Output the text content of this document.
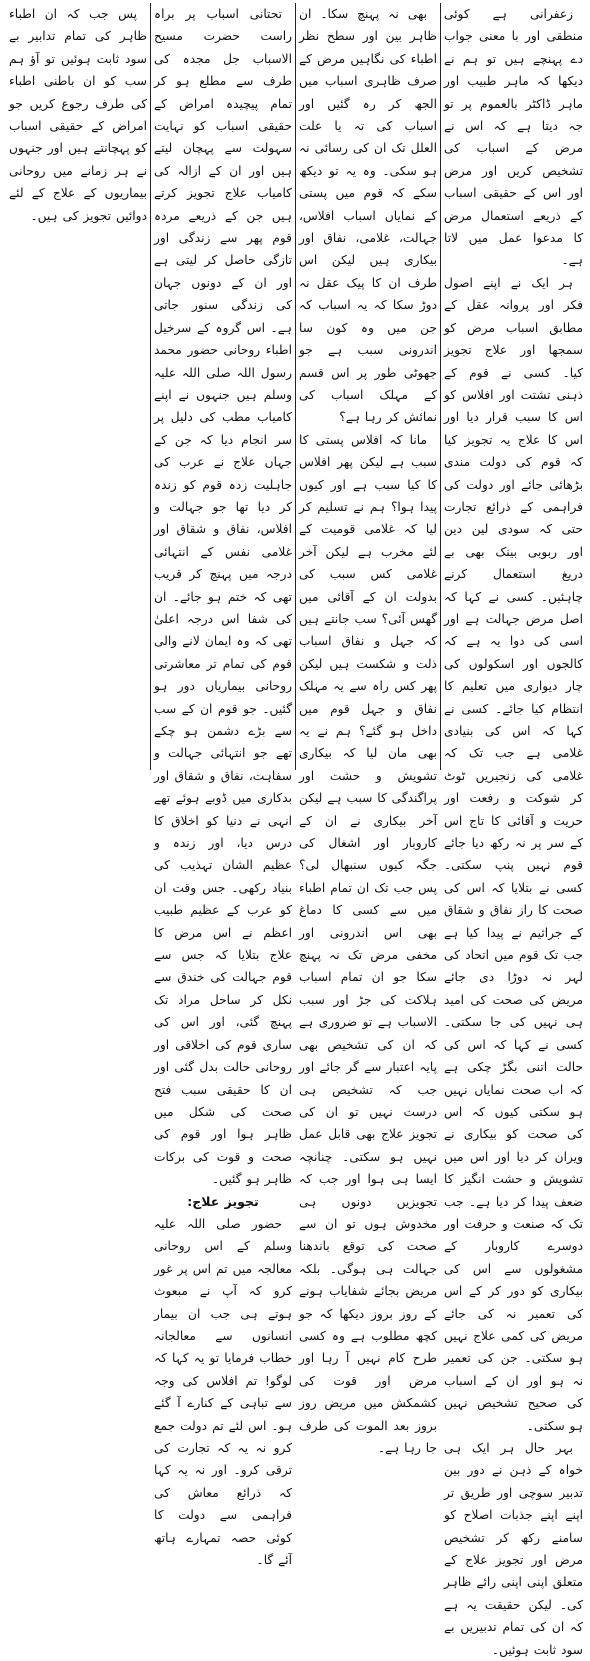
زعفرانی ہے کوئی منطقی اور با معنی جواب دے پہنچے ہیں تو ہم نے دیکھا کہ ماہر طبیب اور ماہر ڈاکٹر بالعموم پر تو جہ دیتا ہے کہ اس نے مرض کے اسباب کی تشخیص کریں اور مرض اور اس کے حقیقی اسباب کے ذریعے استعمال مرض کا مدعوا عمل میں لاتا ہے۔

ہر ایک نے اپنے اصول فکر اور پروانہ عقل کے مطابق اسباب مرض کو سمجھا اور علاج تجویز کیا۔ کسی نے قوم کے ذہنی تشتت اور افلاس کو اس کا سبب قرار دیا اور اس کا علاج یہ تجویز کیا کہ قوم کی دولت مندی بڑھائی جائے اور دولت کی فراہمی کے ذرائع تجارت حتی کہ سودی لین دین اور ربوبی بینک بھی بے دریغ استعمال کرنے چاہئیں۔ کسی نے کہا کہ اصل مرض جہالت ہے اور اسی کی دوا یہ ہے کہ کالجوں اور اسکولوں کی چار دیواری میں تعلیم کا انتظام کیا جائے۔ کسی نے کہا کہ اس کی بنیادی غلامی ہے جب تک کہ غلامی کی زنجیریں ٹوٹ کر شوکت و رفعت اور حریت و آقائی کا تاج اس کے سر پر نہ رکھ دیا جائے قوم نہیں پنپ سکتی۔ کسی نے بتلایا کہ اس کی صحت کا راز نفاق و شقاق کے جراثیم نے پیدا کیا ہے جب تک قوم میں اتحاد کی لہر نہ دوڑا دی جائے مریض کی صحت کی امید ہی نہیں کی جا سکتی۔ کسی نے کہا کہ اس کی حالت اتنی بگڑ چکی ہے کہ اب صحت نمایاں نہیں ہو سکتی کیوں کہ اس کی صحت کو بیکاری نے ویران کر دیا اور اس میں تشویش و حشت انگیز کا ضعف پیدا کر دیا ہے۔ جب تک کہ صنعت و حرفت اور دوسرے کاروبار کے مشغولوں سے اس کی بیکاری کو دور کر کے اس کی تعمیر نہ کی جائے مریض کی کمی علاج نہیں ہو سکتی۔ جن کی تعمیر نہ ہو اور ان کے اسباب کی صحیح تشخیص نہیں ہو سکتی۔

بہر حال ہر ایک ہی خواہ کے ذہن نے دور بین تدبیر سوچی اور طریق تر اپنے اپنے جذبات اصلاح کو سامنے رکھ کر تشخیص مرض اور تجویز علاج کے متعلق اپنی اپنی رائے ظاہر کی۔ لیکن حقیقت یہ ہے کہ ان کی تمام تدبیریں بے سود ثابت ہوئیں۔

بھی نہ پہنچ سکا۔ ان ظاہر بین اور سطح نظر اطباء کی نگاہیں مرض کے صرف ظاہری اسباب میں الجھ کر رہ گئیں اور اسباب کی تہ یا علت العلل تک ان کی رسائی نہ ہو سکی۔ وہ یہ تو دیکھ سکے کہ قوم میں پستی کے نمایاں اسباب افلاس، جہالت، غلامی، نفاق اور بیکاری ہیں لیکن اس طرف ان کا پیک عقل نہ دوڑ سکا کہ یہ اسباب کہ جن میں وہ کون سا اندرونی سبب ہے جو جھوٹی طور پر اس قسم کے مہلک اسباب کی نمائش کر رہا ہے؟

مانا کہ افلاس پستی کا سبب ہے لیکن پھر افلاس کا کیا سبب ہے اور کیوں پیدا ہوا؟ ہم نے تسلیم کر لیا کہ غلامی قومیت کے لئے مخرب ہے لیکن آخر غلامی کس سبب کی بدولت ان کے آقائی میں گھس آئی؟ سب جانتے ہیں کہ جہل و نفاق اسباب ذلت و شکست ہیں لیکن پھر کس راہ سے یہ مہلک نفاق و جہل قوم میں داخل ہو گئے؟ ہم نے یہ بھی مان لیا کہ بیکاری تشویش و حشت اور پراگندگی کا سبب ہے لیکن آخر بیکاری نے ان کے کاروبار اور اشغال کی جگہ کیوں سنبھال لی؟ پس جب تک ان تمام اطباء میں سے کسی کا دماغ بھی اس اندرونی اور مخفی مرض تک نہ پہنچ سکا جو ان تمام اسباب ہلاکت کی جڑ اور سبب الاسباب ہے تو ضروری ہے کہ ان کی تشخیص بھی پایہ اعتبار سے گر جائے اور جب کہ تشخیص ہی درست نہیں تو ان کی تجویز علاج بھی قابل عمل نہیں ہو سکتی۔ چنانچہ ایسا ہی ہوا اور جب کہ تجویزیں دونوں ہی مخدوش ہوں تو ان سے صحت کی توقع باندھنا جہالت ہی ہوگی۔ بلکہ مریض بجائے شفایاب ہونے کے روز بروز دیکھا کہ جو کچھ مطلوب ہے وہ کسی طرح کام نہیں آ رہا اور مرض اور قوت کی کشمکش میں مریض روز بروز بعد الموت کی طرف جا رہا ہے۔

تحتانی اسباب پر براہ راست حضرت مسیح الاسباب جل مجدہ کی طرف سے مطلع ہو کر تمام پیچیدہ امراض کے حقیقی اسباب کو نہایت سہولت سے پہچان لیتے ہیں اور ان کے ازالہ کی کامیاب علاج تجویز کرتے ہیں جن کے ذریعے مردہ قوم پھر سے زندگی اور تازگی حاصل کر لیتی ہے اور ان کے دونوں جہان کی زندگی سنور جاتی ہے۔ اس گروہ کے سرخیل اطباء روحانی حضور محمد رسول اللہ صلی اللہ علیہ وسلم ہیں جنہوں نے اپنے کامیاب مطب کی دلیل پر سر انجام دیا کہ جن کے جہاں علاج نے عرب کی جاہلیت زدہ قوم کو زندہ کر دیا تھا جو جہالت و افلاس، نفاق و شقاق اور غلامی نفس کے انتہائی درجہ میں پہنچ کر قریب تھی کہ ختم ہو جائے۔ ان کی شفا اس درجہ اعلیٰ تھی کہ وہ ایمان لانے والی قوم کی تمام تر معاشرتی روحانی بیماریاں دور ہو گئیں۔ جو قوم ان کے سب سے بڑے دشمن ہو چکے تھے جو انتہائی جہالت و سفاہت، نفاق و شقاق اور بدکاری میں ڈوبے ہوئے تھے انہی نے دنیا کو اخلاق کا درس دیا، اور زندہ و عظیم الشان تہذیب کی بنیاد رکھی۔ جس وقت ان کو عرب کے عظیم طبیب اعظم نے اس مرض کا علاج بتلایا کہ جس سے قوم جہالت کی خندق سے نکل کر ساحل مراد تک پہنچ گئی، اور اس کی ساری قوم کی اخلاقی اور روحانی حالت بدل گئی اور ان کا حقیقی سبب فتح صحت کی شکل میں ظاہر ہوا اور قوم کی صحت و قوت کی برکات ظاہر ہو گئیں۔

تجویز علاج:

حضور صلی اللہ علیہ وسلم کے اس روحانی معالجہ میں تم اس پر غور کرو کہ آپ نے مبعوث ہوتے ہی جب ان بیمار انسانوں سے معالجانہ خطاب فرمایا تو یہ کہا کہ لوگو! تم افلاس کی وجہ سے تباہی کے کنارے آ گئے ہو۔ اس لئے تم دولت جمع کرو نہ یہ کہ تجارت کی ترقی کرو۔ اور نہ یہ کہا کہ ذرائع معاش کی فراہمی سے دولت کا کوئی حصہ تمہارے ہاتھ آئے گا۔

پس جب کہ ان اطباء ظاہر کی تمام تدابیر بے سود ثابت ہوئیں تو آؤ ہم سب کو ان باطنی اطباء کی طرف رجوع کریں جو امراض کے حقیقی اسباب کو پہچانتے ہیں اور جنہوں نے ہر زمانے میں روحانی بیماریوں کے علاج کے لئے دوائیں تجویز کی ہیں۔
